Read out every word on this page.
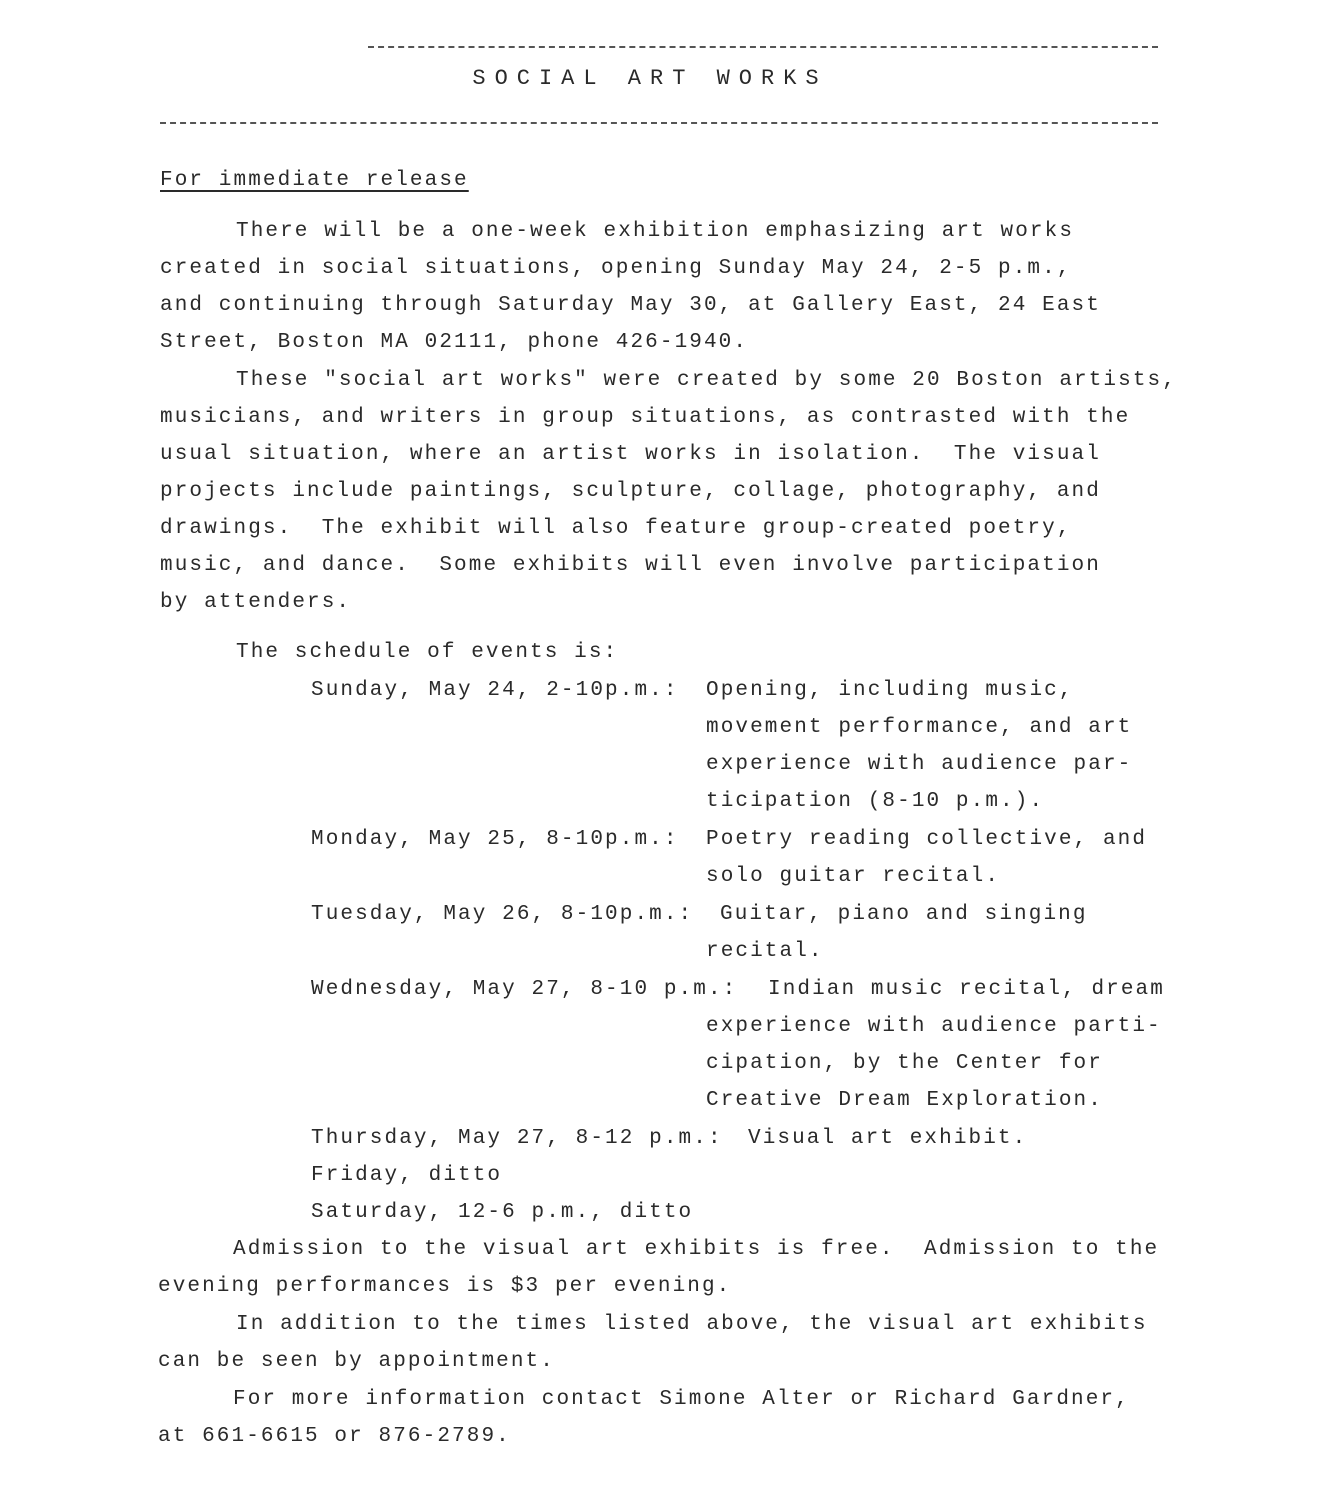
SOCIAL ART WORKS
For immediate release
There will be a one-week exhibition emphasizing art works
created in social situations, opening Sunday May 24, 2-5 p.m.,
and continuing through Saturday May 30, at Gallery East, 24 East
Street, Boston MA 02111, phone 426-1940.
These "social art works" were created by some 20 Boston artists,
musicians, and writers in group situations, as contrasted with the
usual situation, where an artist works in isolation.  The visual
projects include paintings, sculpture, collage, photography, and
drawings.  The exhibit will also feature group-created poetry,
music, and dance.  Some exhibits will even involve participation
by attenders.
The schedule of events is:
Sunday, May 24, 2-10p.m.: Opening, including music,
movement performance, and art
experience with audience par-
ticipation (8-10 p.m.).
Monday, May 25, 8-10p.m.: Poetry reading collective, and
solo guitar recital.
Tuesday, May 26, 8-10p.m.: Guitar, piano and singing
recital.
Wednesday, May 27, 8-10 p.m.: Indian music recital, dream
experience with audience parti-
cipation, by the Center for
Creative Dream Exploration.
Thursday, May 27, 8-12 p.m.: Visual art exhibit.
Friday, ditto
Saturday, 12-6 p.m., ditto
Admission to the visual art exhibits is free.  Admission to the
evening performances is $3 per evening.
In addition to the times listed above, the visual art exhibits
can be seen by appointment.
For more information contact Simone Alter or Richard Gardner,
at 661-6615 or 876-2789.
